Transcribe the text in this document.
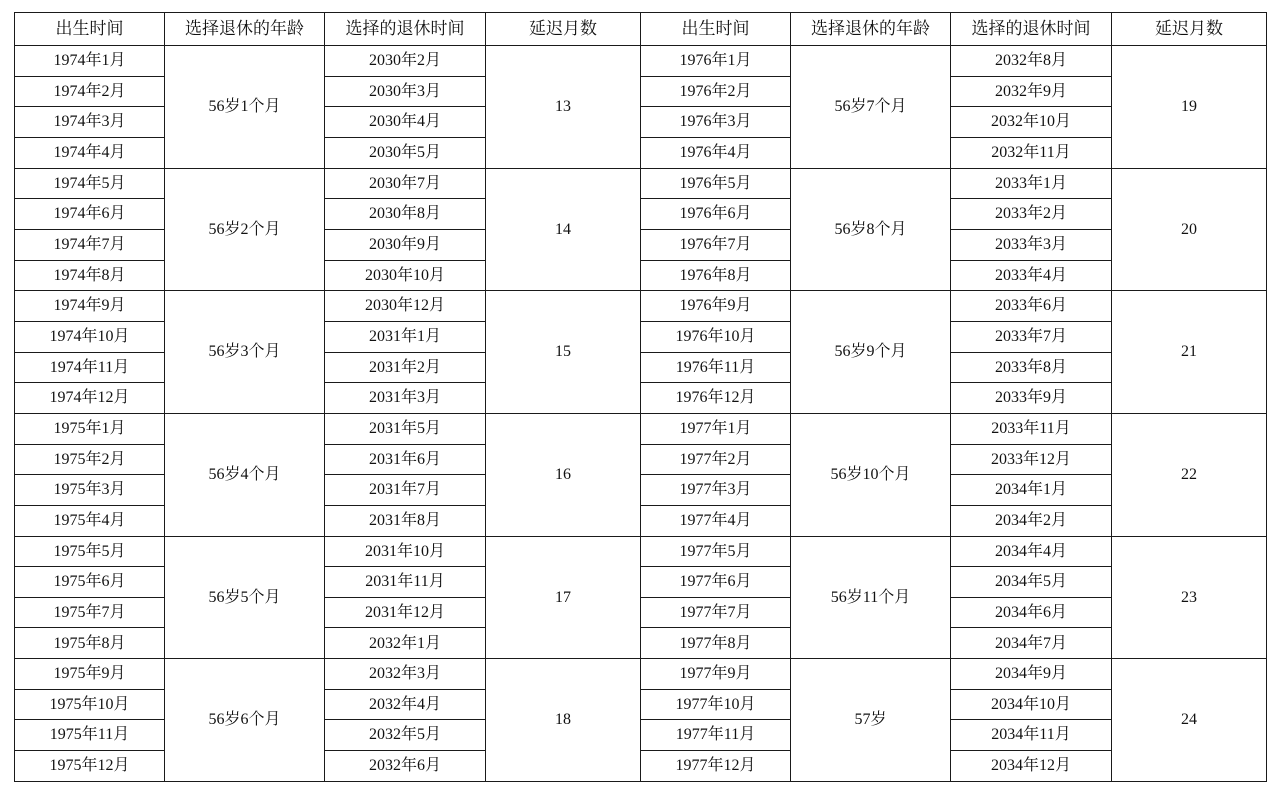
出生时间	选择退休的年龄	选择的退休时间	延迟月数	出生时间	选择退休的年龄	选择的退休时间	延迟月数
1974年1月	56岁1个月	2030年2月	13	1976年1月	56岁7个月	2032年8月	19
1974年2月		2030年3月		1976年2月		2032年9月	
1974年3月		2030年4月		1976年3月		2032年10月	
1974年4月		2030年5月		1976年4月		2032年11月	
1974年5月	56岁2个月	2030年7月	14	1976年5月	56岁8个月	2033年1月	20
1974年6月		2030年8月		1976年6月		2033年2月	
1974年7月		2030年9月		1976年7月		2033年3月	
1974年8月		2030年10月		1976年8月		2033年4月	
1974年9月	56岁3个月	2030年12月	15	1976年9月	56岁9个月	2033年6月	21
1974年10月		2031年1月		1976年10月		2033年7月	
1974年11月		2031年2月		1976年11月		2033年8月	
1974年12月		2031年3月		1976年12月		2033年9月	
1975年1月	56岁4个月	2031年5月	16	1977年1月	56岁10个月	2033年11月	22
1975年2月		2031年6月		1977年2月		2033年12月	
1975年3月		2031年7月		1977年3月		2034年1月	
1975年4月		2031年8月		1977年4月		2034年2月	
1975年5月	56岁5个月	2031年10月	17	1977年5月	56岁11个月	2034年4月	23
1975年6月		2031年11月		1977年6月		2034年5月	
1975年7月		2031年12月		1977年7月		2034年6月	
1975年8月		2032年1月		1977年8月		2034年7月	
1975年9月	56岁6个月	2032年3月	18	1977年9月	57岁	2034年9月	24
1975年10月		2032年4月		1977年10月		2034年10月	
1975年11月		2032年5月		1977年11月		2034年11月	
1975年12月		2032年6月		1977年12月		2034年12月	
